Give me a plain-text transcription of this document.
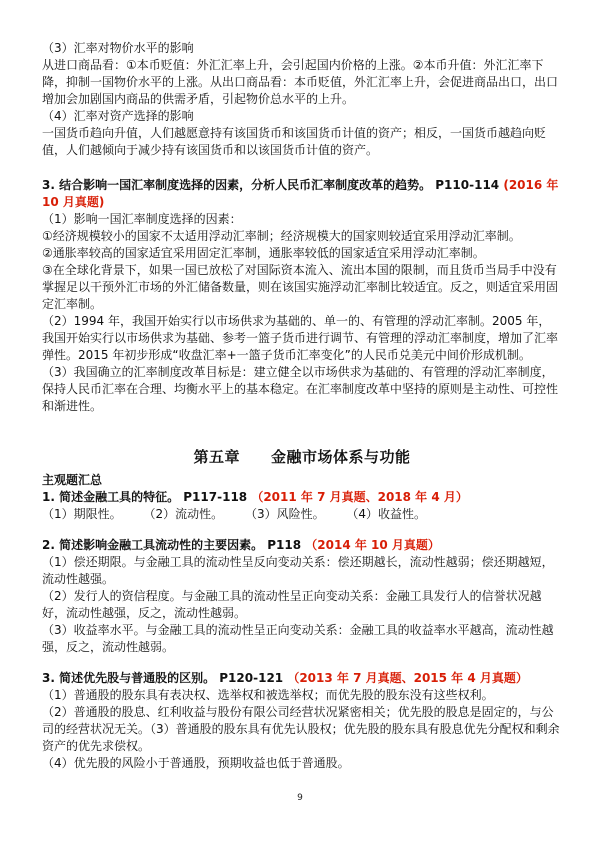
（3）汇率对物价水平的影响

从进口商品看：①本币贬值：外汇汇率上升，会引起国内价格的上涨。②本币升值：外汇汇率下降，抑制一国物价水平的上涨。从出口商品看：本币贬值，外汇汇率上升，会促进商品出口，出口增加会加剧国内商品的供需矛盾，引起物价总水平的上升。

（4）汇率对资产选择的影响

一国货币趋向升值，人们越愿意持有该国货币和该国货币计值的资产；相反，一国货币越趋向贬值，人们越倾向于减少持有该国货币和以该国货币计值的资产。

3. 结合影响一国汇率制度选择的因素，分析人民币汇率制度改革的趋势。 P110-114 (2016 年 10 月真题)

（1）影响一国汇率制度选择的因素：

①经济规模较小的国家不太适用浮动汇率制；经济规模大的国家则较适宜采用浮动汇率制。

②通胀率较高的国家适宜采用固定汇率制，通胀率较低的国家适宜采用浮动汇率制。

③在全球化背景下，如果一国已放松了对国际资本流入、流出本国的限制，而且货币当局手中没有掌握足以干预外汇市场的外汇储备数量，则在该国实施浮动汇率制比较适宜。反之，则适宜采用固定汇率制。

（2）1994 年，我国开始实行以市场供求为基础的、单一的、有管理的浮动汇率制。2005 年，我国开始实行以市场供求为基础、参考一篮子货币进行调节、有管理的浮动汇率制度，增加了汇率弹性。2015 年初步形成“收盘汇率+一篮子货币汇率变化”的人民币兑美元中间价形成机制。

（3）我国确立的汇率制度改革目标是：建立健全以市场供求为基础的、有管理的浮动汇率制度，保持人民币汇率在合理、均衡水平上的基本稳定。在汇率制度改革中坚持的原则是主动性、可控性和渐进性。

第五章　　金融市场体系与功能

主观题汇总

1. 简述金融工具的特征。 P117-118 （2011 年 7 月真题、2018 年 4 月）

（1）期限性。 （2）流动性。 （3）风险性。 （4）收益性。

2. 简述影响金融工具流动性的主要因素。 P118 （2014 年 10 月真题）

（1）偿还期限。与金融工具的流动性呈反向变动关系：偿还期越长，流动性越弱；偿还期越短，流动性越强。

（2）发行人的资信程度。与金融工具的流动性呈正向变动关系：金融工具发行人的信誉状况越好，流动性越强，反之，流动性越弱。

（3）收益率水平。与金融工具的流动性呈正向变动关系：金融工具的收益率水平越高，流动性越强，反之，流动性越弱。

3. 简述优先股与普通股的区别。 P120-121 （2013 年 7 月真题、2015 年 4 月真题）

（1）普通股的股东具有表决权、选举权和被选举权；而优先股的股东没有这些权利。

（2）普通股的股息、红利收益与股份有限公司经营状况紧密相关；优先股的股息是固定的，与公司的经营状况无关。（3）普通股的股东具有优先认股权；优先股的股东具有股息优先分配权和剩余资产的优先求偿权。

（4）优先股的风险小于普通股，预期收益也低于普通股。

9
